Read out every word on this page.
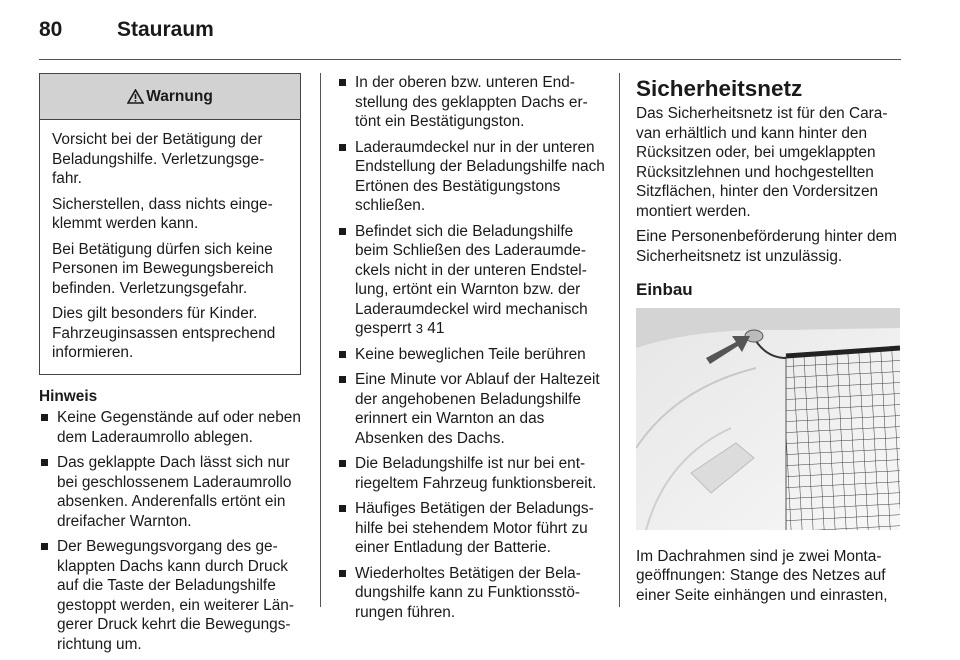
80	Stauraum
Warnung

Vorsicht bei der Betätigung der Beladungshilfe. Verletzungsgefahr.

Sicherstellen, dass nichts eingeklemmt werden kann.

Bei Betätigung dürfen sich keine Personen im Bewegungsbereich befinden. Verletzungsgefahr.

Dies gilt besonders für Kinder. Fahrzeuginsassen entsprechend informieren.

Hinweis
Keine Gegenstände auf oder neben dem Laderaumrollo ablegen.
Das geklappte Dach lässt sich nur bei geschlossenem Laderaumrollo absenken. Anderenfalls ertönt ein dreifacher Warnton.
Der Bewegungsvorgang des geklappten Dachs kann durch Druck auf die Taste der Beladungshilfe gestoppt werden, ein weiterer Längerer Druck kehrt die Bewegungsrichtung um.
In der oberen bzw. unteren Endstellung des geklappten Dachs ertönt ein Bestätigungston.
Laderaumdeckel nur in der unteren Endstellung der Beladungshilfe nach Ertönen des Bestätigungstons schließen.
Befindet sich die Beladungshilfe beim Schließen des Laderaumdeckels nicht in der unteren Endstellung, ertönt ein Warnton bzw. der Laderaumdeckel wird mechanisch gesperrt 3 41
Keine beweglichen Teile berühren
Eine Minute vor Ablauf der Haltezeit der angehobenen Beladungshilfe erinnert ein Warnton an das Absenken des Dachs.
Die Beladungshilfe ist nur bei entriegeltem Fahrzeug funktionsbereit.
Häufiges Betätigen der Beladungshilfe bei stehendem Motor führt zu einer Entladung der Batterie.
Wiederholtes Betätigen der Beladungshilfe kann zu Funktionsstörungen führen.
Sicherheitsnetz

Das Sicherheitsnetz ist für den Caravan erhältlich und kann hinter den Rücksitzen oder, bei umgeklappten Rücksitzlehnen und hochgestellten Sitzflächen, hinter den Vordersitzen montiert werden.

Eine Personenbeförderung hinter dem Sicherheitsnetz ist unzulässig.

Einbau

Im Dachrahmen sind je zwei Montageöffnungen: Stange des Netzes auf einer Seite einhängen und einrasten,
